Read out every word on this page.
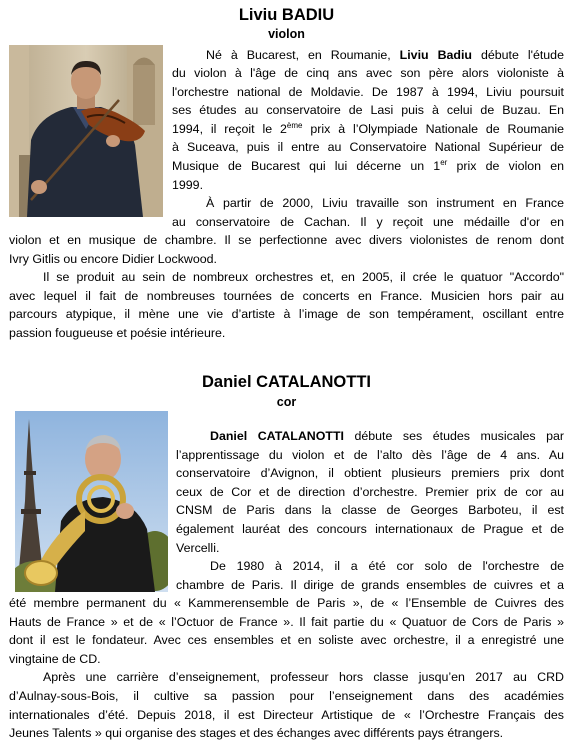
Liviu BADIU
violon
Né à Bucarest, en Roumanie, Liviu Badiu débute l'étude
du violon à l'âge de cinq ans avec son père alors violoniste à
l'orchestre national de Moldavie. De 1987 à 1994, Liviu poursuit
ses études au conservatoire de Lasi puis à celui de Buzau. En
1994, il reçoit le 2ème prix à l’Olympiade Nationale de Roumanie
à Suceava, puis il entre au Conservatoire National Supérieur de
Musique de Bucarest qui lui décerne un 1er prix de violon en
1999.
À partir de 2000, Liviu travaille son instrument en France
au conservatoire de Cachan. Il y reçoit une médaille d'or en
violon et en musique de chambre. Il se perfectionne avec divers violonistes de renom dont
Ivry Gitlis ou encore Didier Lockwood.
Il se produit au sein de nombreux orchestres et, en 2005, il crée le quatuor "Accordo"
avec lequel il fait de nombreuses tournées de concerts en France. Musicien hors pair au
parcours atypique, il mène une vie d’artiste à l’image de son tempérament, oscillant entre
passion fougueuse et poésie intérieure.
Daniel CATALANOTTI
cor
Daniel CATALANOTTI débute ses études musicales par
l’apprentissage du violon et de l’alto dès l’âge de 4 ans. Au
conservatoire d’Avignon, il obtient plusieurs premiers prix dont
ceux de Cor et de direction d’orchestre. Premier prix de cor au
CNSM de Paris dans la classe de Georges Barboteu, il est
également lauréat des concours internationaux de Prague et de
Vercelli.
De 1980 à 2014, il a été cor solo de l'orchestre de
chambre de Paris. Il dirige de grands ensembles de cuivres et a
été membre permanent du « Kammerensemble de Paris », de « l’Ensemble de Cuivres des
Hauts de France » et de « l’Octuor de France ». Il fait partie du « Quatuor de Cors de Paris »
dont il est le fondateur. Avec ces ensembles et en soliste avec orchestre, il a enregistré une
vingtaine de CD.
Après une carrière d’enseignement, professeur hors classe jusqu’en 2017 au CRD
d’Aulnay-sous-Bois, il cultive sa passion pour l’enseignement dans des académies
internationales d’été. Depuis 2018, il est Directeur Artistique de « l’Orchestre Français des
Jeunes Talents » qui organise des stages et des échanges avec différents pays étrangers.
